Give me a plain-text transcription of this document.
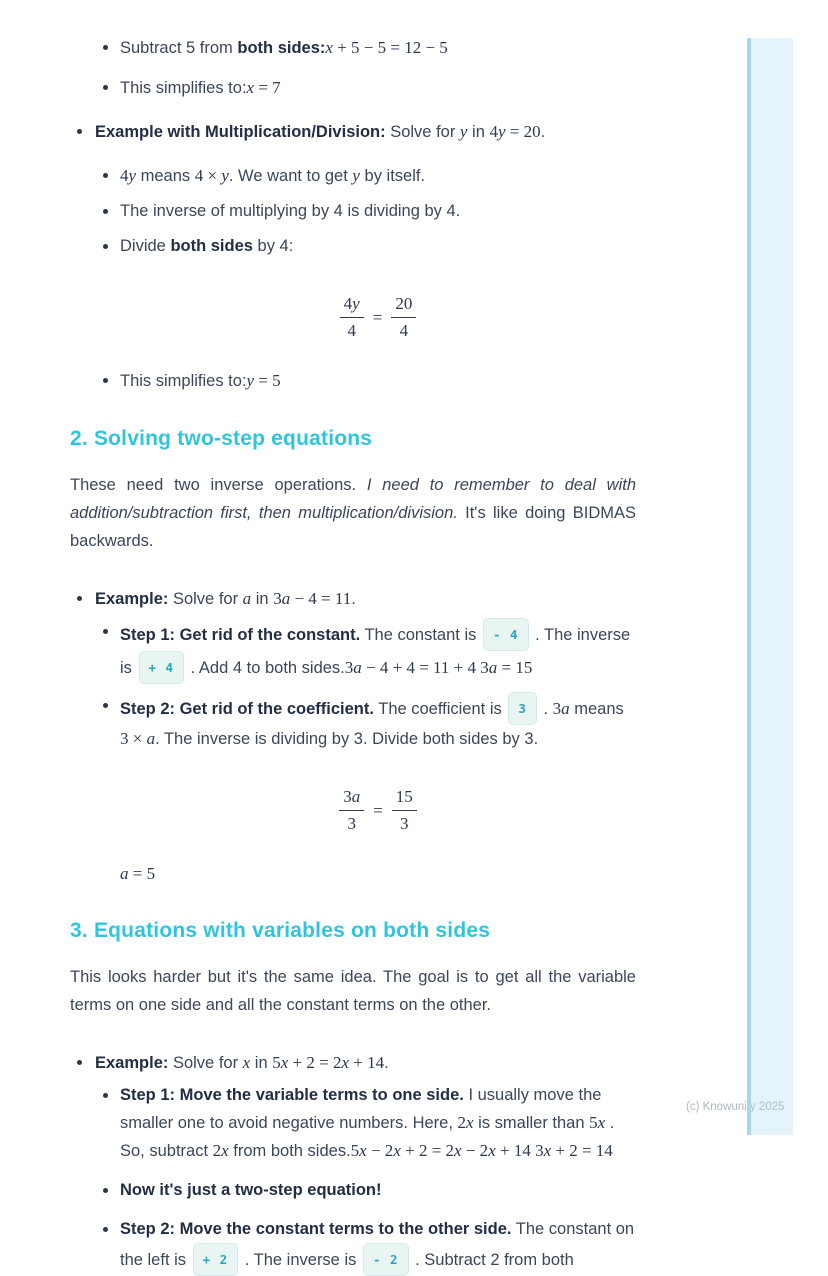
Subtract 5 from both sides:x + 5 − 5 = 12 − 5
This simplifies to:x = 7
Example with Multiplication/Division: Solve for y in 4y = 20.
4y means 4 × y. We want to get y by itself.
The inverse of multiplying by 4 is dividing by 4.
Divide both sides by 4:
$\frac{4y}{4} = \frac{20}{4}$
This simplifies to:y = 5
2. Solving two-step equations
These need two inverse operations. I need to remember to deal with addition/subtraction first, then multiplication/division. It's like doing BIDMAS backwards.
Example: Solve for a in 3a − 4 = 11.
Step 1: Get rid of the constant. The constant is - 4 . The inverse is + 4 . Add 4 to both sides.3a − 4 + 4 = 11 + 4 3a = 15
Step 2: Get rid of the coefficient. The coefficient is 3 . 3a means 3 × a. The inverse is dividing by 3. Divide both sides by 3.
$\frac{3a}{3} = \frac{15}{3}$
a = 5
3. Equations with variables on both sides
This looks harder but it's the same idea. The goal is to get all the variable terms on one side and all the constant terms on the other.
Example: Solve for x in 5x + 2 = 2x + 14.
Step 1: Move the variable terms to one side. I usually move the smaller one to avoid negative numbers. Here, 2x is smaller than 5x . So, subtract 2x from both sides.5x − 2x + 2 = 2x − 2x + 14 3x + 2 = 14
Now it's just a two-step equation!
Step 2: Move the constant terms to the other side. The constant on the left is + 2 . The inverse is - 2 . Subtract 2 from both
(c) Knowunity 2025
